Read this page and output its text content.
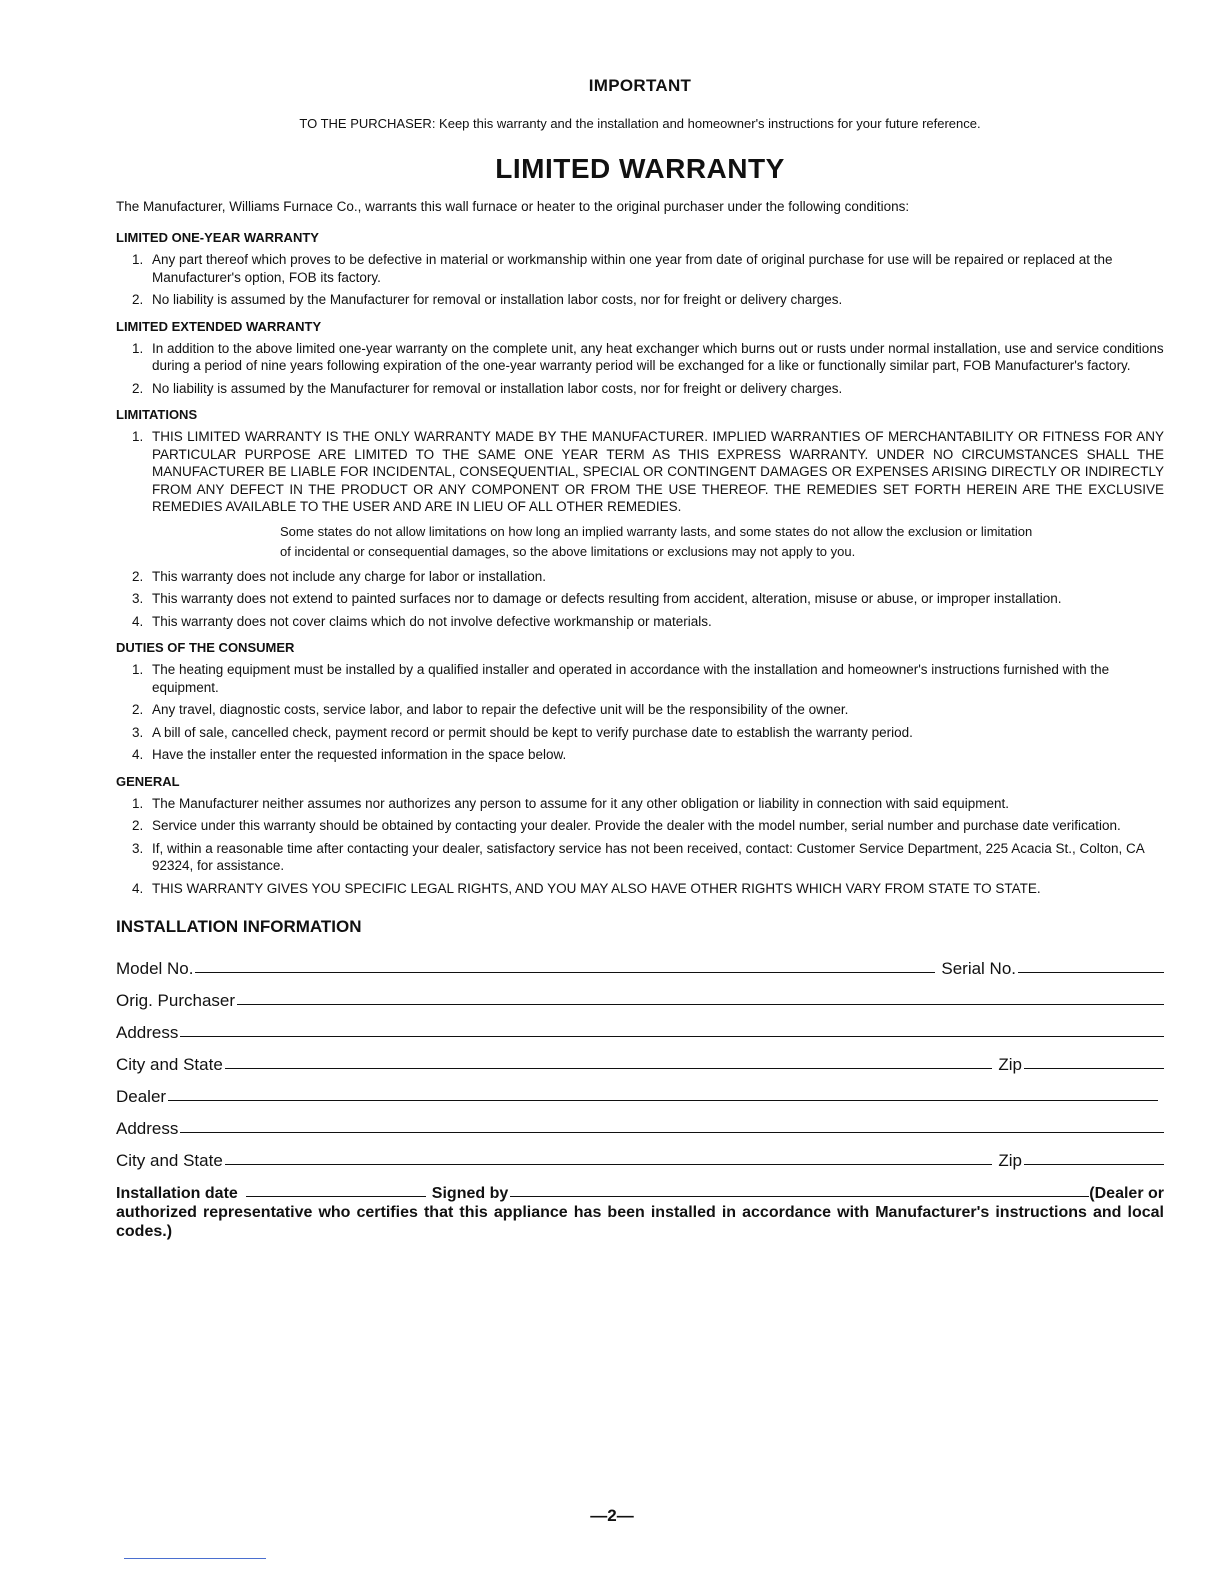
IMPORTANT

TO THE PURCHASER: Keep this warranty and the installation and homeowner's instructions for your future reference.

LIMITED WARRANTY

The Manufacturer, Williams Furnace Co., warrants this wall furnace or heater to the original purchaser under the following conditions:

LIMITED ONE-YEAR WARRANTY
1. Any part thereof which proves to be defective in material or workmanship within one year from date of original purchase for use will be repaired or replaced at the Manufacturer's option, FOB its factory.
2. No liability is assumed by the Manufacturer for removal or installation labor costs, nor for freight or delivery charges.
LIMITED EXTENDED WARRANTY
1. In addition to the above limited one-year warranty on the complete unit, any heat exchanger which burns out or rusts under normal installation, use and service conditions during a period of nine years following expiration of the one-year warranty period will be exchanged for a like or functionally similar part, FOB Manufacturer's factory.
2. No liability is assumed by the Manufacturer for removal or installation labor costs, nor for freight or delivery charges.
LIMITATIONS
1. THIS LIMITED WARRANTY IS THE ONLY WARRANTY MADE BY THE MANUFACTURER. IMPLIED WARRANTIES OF MERCHANTABILITY OR FITNESS FOR ANY PARTICULAR PURPOSE ARE LIMITED TO THE SAME ONE YEAR TERM AS THIS EXPRESS WARRANTY. UNDER NO CIRCUMSTANCES SHALL THE MANUFACTURER BE LIABLE FOR INCIDENTAL, CONSEQUENTIAL, SPECIAL OR CONTINGENT DAMAGES OR EXPENSES ARISING DIRECTLY OR INDIRECTLY FROM ANY DEFECT IN THE PRODUCT OR ANY COMPONENT OR FROM THE USE THEREOF. THE REMEDIES SET FORTH HEREIN ARE THE EXCLUSIVE REMEDIES AVAILABLE TO THE USER AND ARE IN LIEU OF ALL OTHER REMEDIES.

Some states do not allow limitations on how long an implied warranty lasts, and some states do not allow the exclusion or limitation of incidental or consequential damages, so the above limitations or exclusions may not apply to you.

2. This warranty does not include any charge for labor or installation.
3. This warranty does not extend to painted surfaces nor to damage or defects resulting from accident, alteration, misuse or abuse, or improper installation.
4. This warranty does not cover claims which do not involve defective workmanship or materials.
DUTIES OF THE CONSUMER
1. The heating equipment must be installed by a qualified installer and operated in accordance with the installation and homeowner's instructions furnished with the equipment.
2. Any travel, diagnostic costs, service labor, and labor to repair the defective unit will be the responsibility of the owner.
3. A bill of sale, cancelled check, payment record or permit should be kept to verify purchase date to establish the warranty period.
4. Have the installer enter the requested information in the space below.
GENERAL
1. The Manufacturer neither assumes nor authorizes any person to assume for it any other obligation or liability in connection with said equipment.
2. Service under this warranty should be obtained by contacting your dealer. Provide the dealer with the model number, serial number and purchase date verification.
3. If, within a reasonable time after contacting your dealer, satisfactory service has not been received, contact: Customer Service Department, 225 Acacia St., Colton, CA 92324, for assistance.
4. THIS WARRANTY GIVES YOU SPECIFIC LEGAL RIGHTS, AND YOU MAY ALSO HAVE OTHER RIGHTS WHICH VARY FROM STATE TO STATE.
INSTALLATION INFORMATION
Model No.	Serial No.
Orig. Purchaser
Address
City and State	Zip
Dealer
Address
City and State	Zip
Installation date	Signed by	(Dealer or

authorized representative who certifies that this appliance has been installed in accordance with Manufacturer's instructions and local codes.)

—2—
